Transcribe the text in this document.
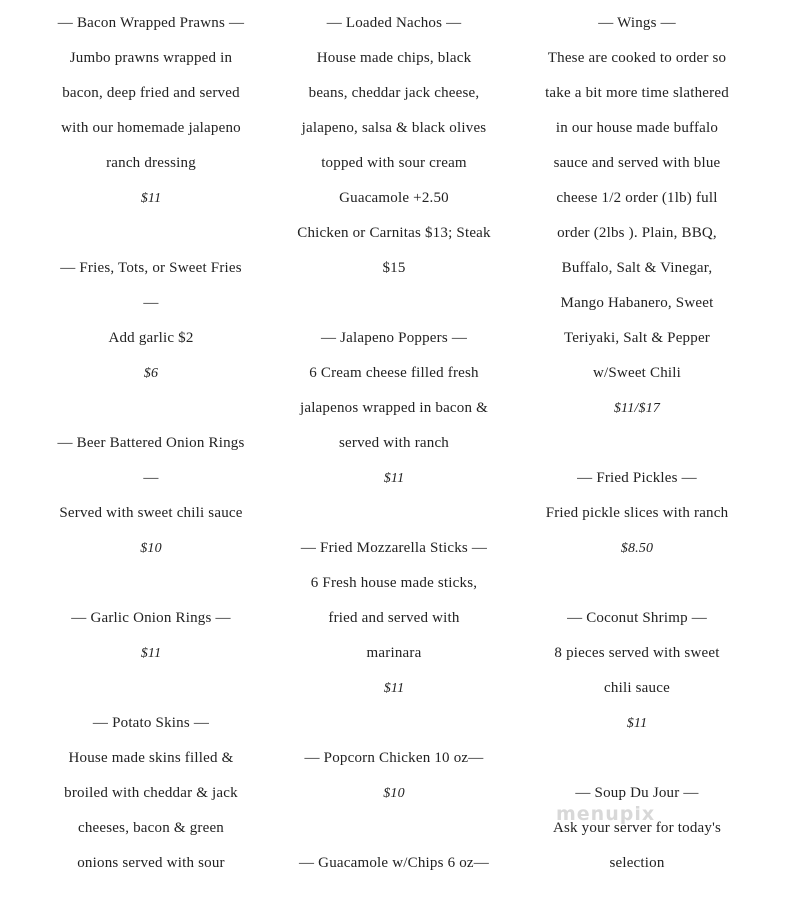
— Bacon Wrapped Prawns —

Jumbo prawns wrapped in

bacon, deep fried and served

with our homemade jalapeno

ranch dressing

$11

— Fries, Tots, or Sweet Fries

—

Add garlic $2

$6

— Beer Battered Onion Rings

—

Served with sweet chili sauce

$10

— Garlic Onion Rings —

$11

— Potato Skins —

House made skins filled &

broiled with cheddar & jack

cheeses, bacon & green

onions served with sour

— Loaded Nachos —

House made chips, black

beans, cheddar jack cheese,

jalapeno, salsa & black olives

topped with sour cream

Guacamole +2.50

Chicken or Carnitas $13; Steak

$15

— Jalapeno Poppers —

6 Cream cheese filled fresh

jalapenos wrapped in bacon &

served with ranch

$11

— Fried Mozzarella Sticks —

6 Fresh house made sticks,

fried and served with

marinara

$11

— Popcorn Chicken 10 oz—

$10

— Guacamole w/Chips 6 oz—

— Wings —

These are cooked to order so

take a bit more time slathered

in our house made buffalo

sauce and served with blue

cheese 1/2 order (1lb) full

order (2lbs ). Plain, BBQ,

Buffalo, Salt & Vinegar,

Mango Habanero, Sweet

Teriyaki, Salt & Pepper

w/Sweet Chili

$11/$17

— Fried Pickles —

Fried pickle slices with ranch

$8.50

— Coconut Shrimp —

8 pieces served with sweet

chili sauce

$11

— Soup Du Jour —

Ask your server for today's

selection

menupix
